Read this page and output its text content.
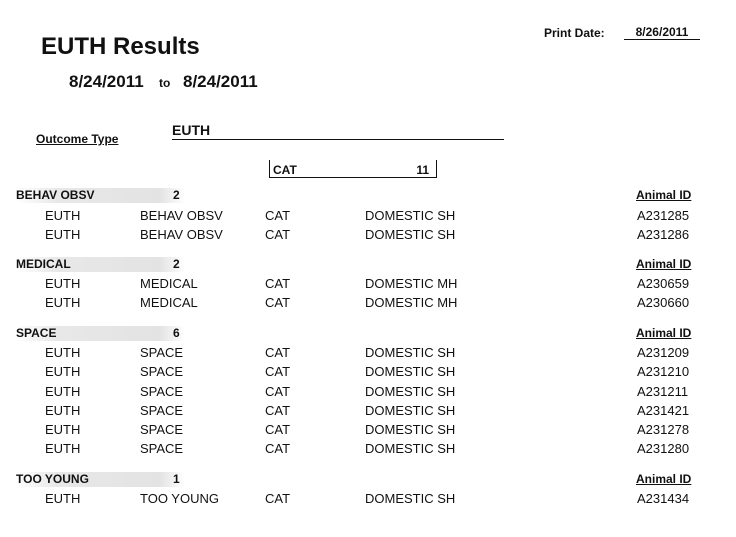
Print Date:	8/26/2011
EUTH Results
8/24/2011 to 8/24/2011
Outcome Type
EUTH
CAT	11
BEHAV OBSV	2	Animal ID
EUTH	BEHAV OBSV	CAT	DOMESTIC SH	A231285
EUTH	BEHAV OBSV	CAT	DOMESTIC SH	A231286
MEDICAL	2	Animal ID
EUTH	MEDICAL	CAT	DOMESTIC MH	A230659
EUTH	MEDICAL	CAT	DOMESTIC MH	A230660
SPACE	6	Animal ID
EUTH	SPACE	CAT	DOMESTIC SH	A231209
EUTH	SPACE	CAT	DOMESTIC SH	A231210
EUTH	SPACE	CAT	DOMESTIC SH	A231211
EUTH	SPACE	CAT	DOMESTIC SH	A231421
EUTH	SPACE	CAT	DOMESTIC SH	A231278
EUTH	SPACE	CAT	DOMESTIC SH	A231280
TOO YOUNG	1	Animal ID
EUTH	TOO YOUNG	CAT	DOMESTIC SH	A231434
